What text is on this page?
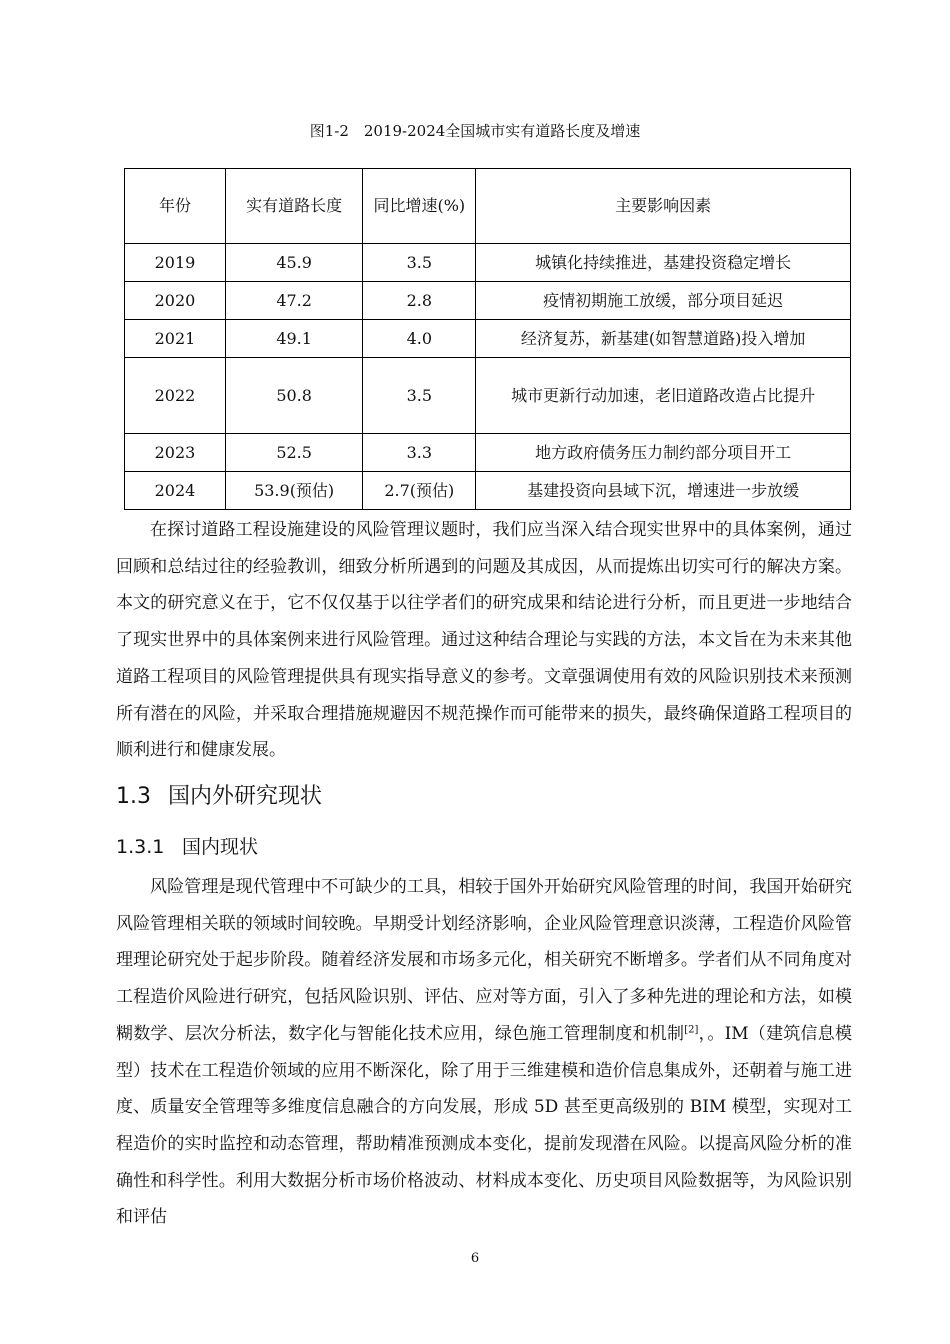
图1-2　2019-2024全国城市实有道路长度及增速
年份	实有道路长度	同比增速(%)	主要影响因素
2019	45.9	3.5	城镇化持续推进，基建投资稳定增长
2020	47.2	2.8	疫情初期施工放缓，部分项目延迟
2021	49.1	4.0	经济复苏，新基建(如智慧道路)投入增加
2022	50.8	3.5	城市更新行动加速，老旧道路改造占比提升
2023	52.5	3.3	地方政府债务压力制约部分项目开工
2024	53.9(预估)	2.7(预估)	基建投资向县域下沉，增速进一步放缓

在探讨道路工程设施建设的风险管理议题时，我们应当深入结合现实世界中的具体案例，通过回顾和总结过往的经验教训，细致分析所遇到的问题及其成因，从而提炼出切实可行的解决方案。本文的研究意义在于，它不仅仅基于以往学者们的研究成果和结论进行分析，而且更进一步地结合了现实世界中的具体案例来进行风险管理。通过这种结合理论与实践的方法，本文旨在为未来其他道路工程项目的风险管理提供具有现实指导意义的参考。文章强调使用有效的风险识别技术来预测所有潜在的风险，并采取合理措施规避因不规范操作而可能带来的损失，最终确保道路工程项目的顺利进行和健康发展。

1.3 国内外研究现状
1.3.1 国内现状

风险管理是现代管理中不可缺少的工具，相较于国外开始研究风险管理的时间，我国开始研究风险管理相关联的领域时间较晚。早期受计划经济影响，企业风险管理意识淡薄，工程造价风险管理理论研究处于起步阶段。随着经济发展和市场多元化，相关研究不断增多。学者们从不同角度对工程造价风险进行研究，包括风险识别、评估、应对等方面，引入了多种先进的理论和方法，如模糊数学、层次分析法，数字化与智能化技术应用，绿色施工管理制度和机制[2]，。IM（建筑信息模型）技术在工程造价领域的应用不断深化，除了用于三维建模和造价信息集成外，还朝着与施工进度、质量安全管理等多维度信息融合的方向发展，形成 5D 甚至更高级别的 BIM 模型，实现对工程造价的实时监控和动态管理，帮助精准预测成本变化，提前发现潜在风险。以提高风险分析的准确性和科学性。利用大数据分析市场价格波动、材料成本变化、历史项目风险数据等，为风险识别和评估

6
